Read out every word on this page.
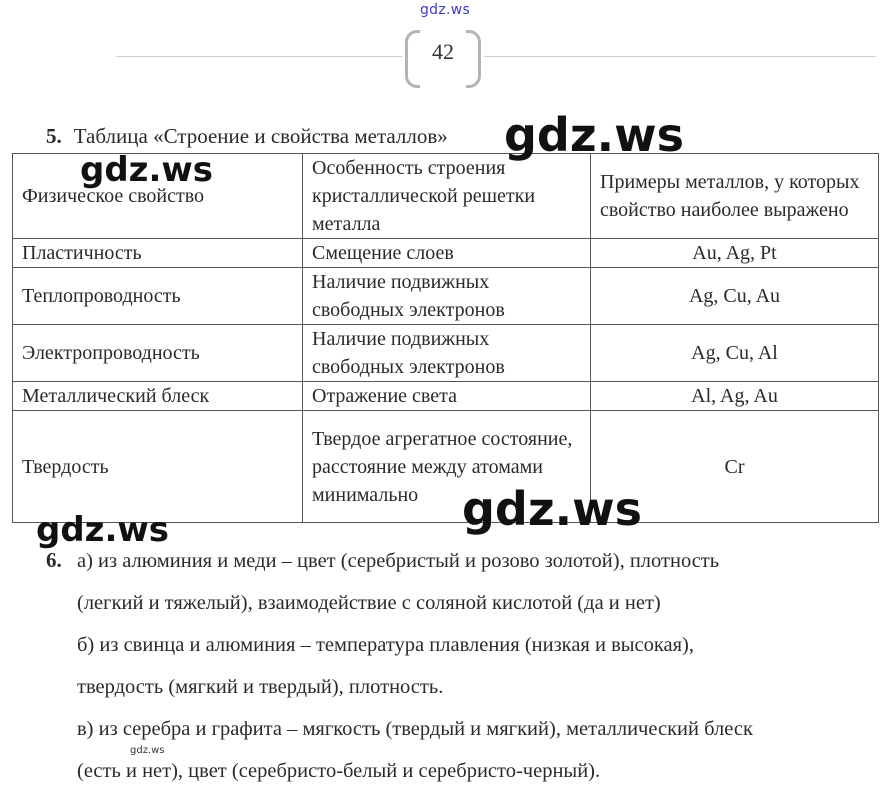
gdz.ws
42
5. Таблица «Строение и свойства металлов»
Физическое свойство	Особенность строения кристаллической решетки металла	Примеры металлов, у которых свойство наиболее выражено
Пластичность	Смещение слоев	Au, Ag, Pt
Теплопроводность	Наличие подвижных свободных электронов	Ag, Cu, Au
Электропроводность	Наличие подвижных свободных электронов	Ag, Cu, Al
Металлический блеск	Отражение света	Al, Ag, Au
Твердость	Твердое агрегатное состояние, расстояние между атомами минимально	Cr
gdz.ws
gdz.ws
gdz.ws
gdz.ws
6. а) из алюминия и меди – цвет (серебристый и розово золотой), плотность
(легкий и тяжелый), взаимодействие с соляной кислотой (да и нет)
б) из свинца и алюминия – температура плавления (низкая и высокая),
твердость (мягкий и твердый), плотность.
в) из серебра и графита – мягкость (твердый и мягкий), металлический блеск
(есть и нет), цвет (серебристо-белый и серебристо-черный).
gdz.ws
